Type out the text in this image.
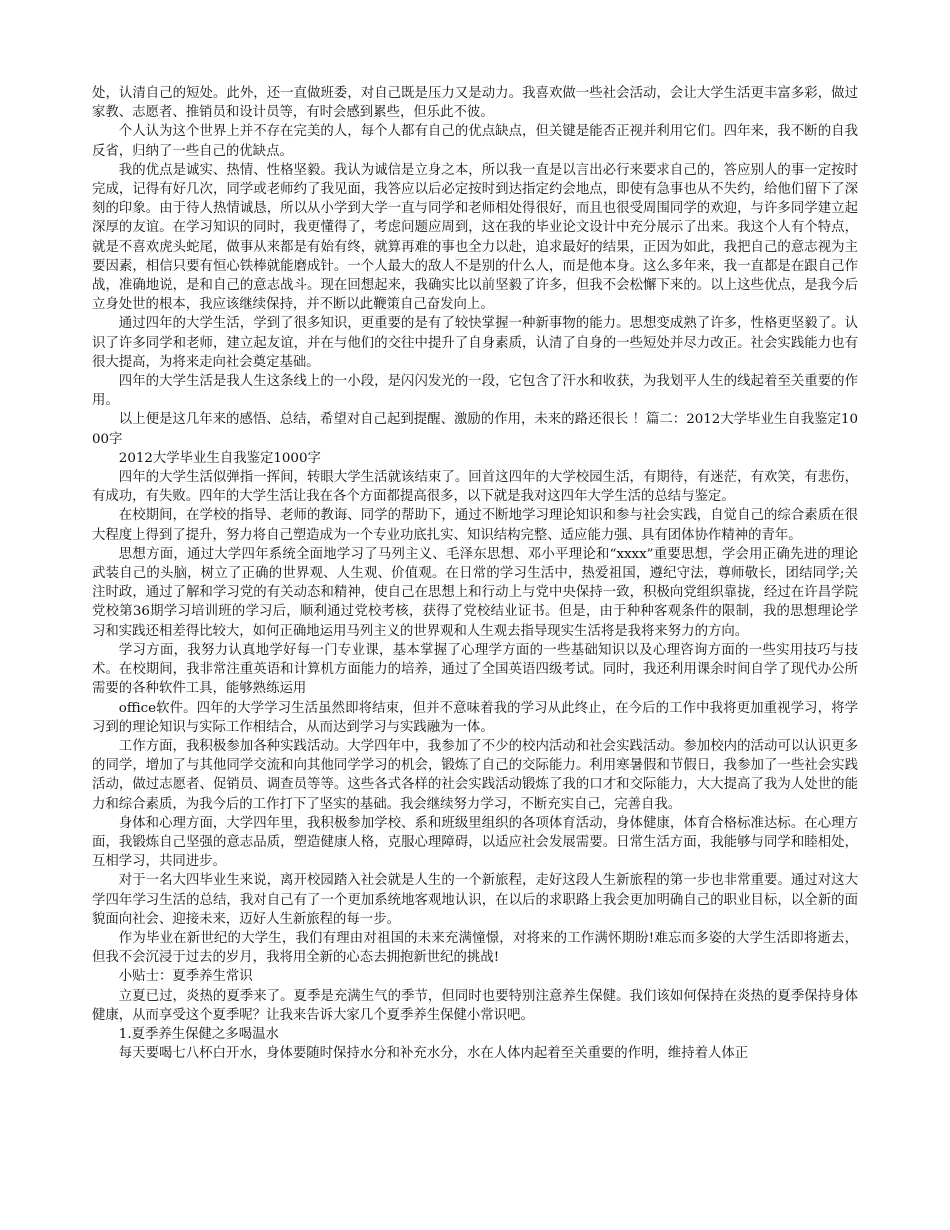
处，认清自己的短处。此外，还一直做班委，对自己既是压力又是动力。我喜欢做一些社会活动，会让大学生活更丰富多彩，做过家教、志愿者、推销员和设计员等，有时会感到累些，但乐此不彼。

个人认为这个世界上并不存在完美的人，每个人都有自己的优点缺点，但关键是能否正视并利用它们。四年来，我不断的自我反省，归纳了一些自己的优缺点。

我的优点是诚实、热情、性格坚毅。我认为诚信是立身之本，所以我一直是以言出必行来要求自己的，答应别人的事一定按时完成，记得有好几次，同学或老师约了我见面，我答应以后必定按时到达指定约会地点，即使有急事也从不失约，给他们留下了深刻的印象。由于待人热情诚恳，所以从小学到大学一直与同学和老师相处得很好，而且也很受周围同学的欢迎，与许多同学建立起深厚的友谊。在学习知识的同时，我更懂得了，考虑问题应周到，这在我的毕业论文设计中充分展示了出来。我这个人有个特点，就是不喜欢虎头蛇尾，做事从来都是有始有终，就算再难的事也全力以赴，追求最好的结果，正因为如此，我把自己的意志视为主要因素，相信只要有恒心铁棒就能磨成针。一个人最大的敌人不是别的什么人，而是他本身。这么多年来，我一直都是在跟自己作战，准确地说，是和自己的意志战斗。现在回想起来，我确实比以前坚毅了许多，但我不会松懈下来的。以上这些优点，是我今后立身处世的根本，我应该继续保持，并不断以此鞭策自己奋发向上。

通过四年的大学生活，学到了很多知识，更重要的是有了较快掌握一种新事物的能力。思想变成熟了许多，性格更坚毅了。认识了许多同学和老师，建立起友谊，并在与他们的交往中提升了自身素质，认清了自身的一些短处并尽力改正。社会实践能力也有很大提高，为将来走向社会奠定基础。

四年的大学生活是我人生这条线上的一小段，是闪闪发光的一段，它包含了汗水和收获，为我划平人生的线起着至关重要的作用。

以上便是这几年来的感悟、总结，希望对自己起到提醒、激励的作用，未来的路还很长 ！篇二：2012大学毕业生自我鉴定1000字

2012大学毕业生自我鉴定1000字

四年的大学生活似弹指一挥间，转眼大学生活就该结束了。回首这四年的大学校园生活，有期待，有迷茫，有欢笑，有悲伤，有成功，有失败。四年的大学生活让我在各个方面都提高很多，以下就是我对这四年大学生活的总结与鉴定。

在校期间，在学校的指导、老师的教诲、同学的帮助下，通过不断地学习理论知识和参与社会实践，自觉自己的综合素质在很大程度上得到了提升，努力将自己塑造成为一个专业功底扎实、知识结构完整、适应能力强、具有团体协作精神的青年。

思想方面，通过大学四年系统全面地学习了马列主义、毛泽东思想、邓小平理论和“xxxx”重要思想，学会用正确先进的理论武装自己的头脑，树立了正确的世界观、人生观、价值观。在日常的学习生活中，热爱祖国，遵纪守法，尊师敬长，团结同学;关注时政，通过了解和学习党的有关动态和精神，使自己在思想上和行动上与党中央保持一致，积极向党组织靠拢，经过在许昌学院党校第36期学习培训班的学习后，顺利通过党校考核，获得了党校结业证书。但是，由于种种客观条件的限制，我的思想理论学习和实践还相差得比较大，如何正确地运用马列主义的世界观和人生观去指导现实生活将是我将来努力的方向。

学习方面，我努力认真地学好每一门专业课，基本掌握了心理学方面的一些基础知识以及心理咨询方面的一些实用技巧与技术。在校期间，我非常注重英语和计算机方面能力的培养，通过了全国英语四级考试。同时，我还利用课余时间自学了现代办公所需要的各种软件工具，能够熟练运用

office软件。四年的大学学习生活虽然即将结束，但并不意味着我的学习从此终止，在今后的工作中我将更加重视学习，将学习到的理论知识与实际工作相结合，从而达到学习与实践融为一体。

工作方面，我积极参加各种实践活动。大学四年中，我参加了不少的校内活动和社会实践活动。参加校内的活动可以认识更多的同学，增加了与其他同学交流和向其他同学学习的机会，锻炼了自己的交际能力。利用寒暑假和节假日，我参加了一些社会实践活动，做过志愿者、促销员、调查员等等。这些各式各样的社会实践活动锻炼了我的口才和交际能力，大大提高了我为人处世的能力和综合素质，为我今后的工作打下了坚实的基础。我会继续努力学习，不断充实自己，完善自我。

身体和心理方面，大学四年里，我积极参加学校、系和班级里组织的各项体育活动，身体健康，体育合格标准达标。在心理方面，我锻炼自己坚强的意志品质，塑造健康人格，克服心理障碍，以适应社会发展需要。日常生活方面，我能够与同学和睦相处，互相学习，共同进步。

对于一名大四毕业生来说，离开校园踏入社会就是人生的一个新旅程，走好这段人生新旅程的第一步也非常重要。通过对这大学四年学习生活的总结，我对自己有了一个更加系统地客观地认识，在以后的求职路上我会更加明确自己的职业目标，以全新的面貌面向社会、迎接未来，迈好人生新旅程的每一步。

作为毕业在新世纪的大学生，我们有理由对祖国的未来充满憧憬，对将来的工作满怀期盼!难忘而多姿的大学生活即将逝去，但我不会沉浸于过去的岁月，我将用全新的心态去拥抱新世纪的挑战!

小贴士：夏季养生常识

立夏已过，炎热的夏季来了。夏季是充满生气的季节，但同时也要特别注意养生保健。我们该如何保持在炎热的夏季保持身体健康，从而享受这个夏季呢？让我来告诉大家几个夏季养生保健小常识吧。

1.夏季养生保健之多喝温水

每天要喝七八杯白开水，身体要随时保持水分和补充水分，水在人体内起着至关重要的作明，维持着人体正
